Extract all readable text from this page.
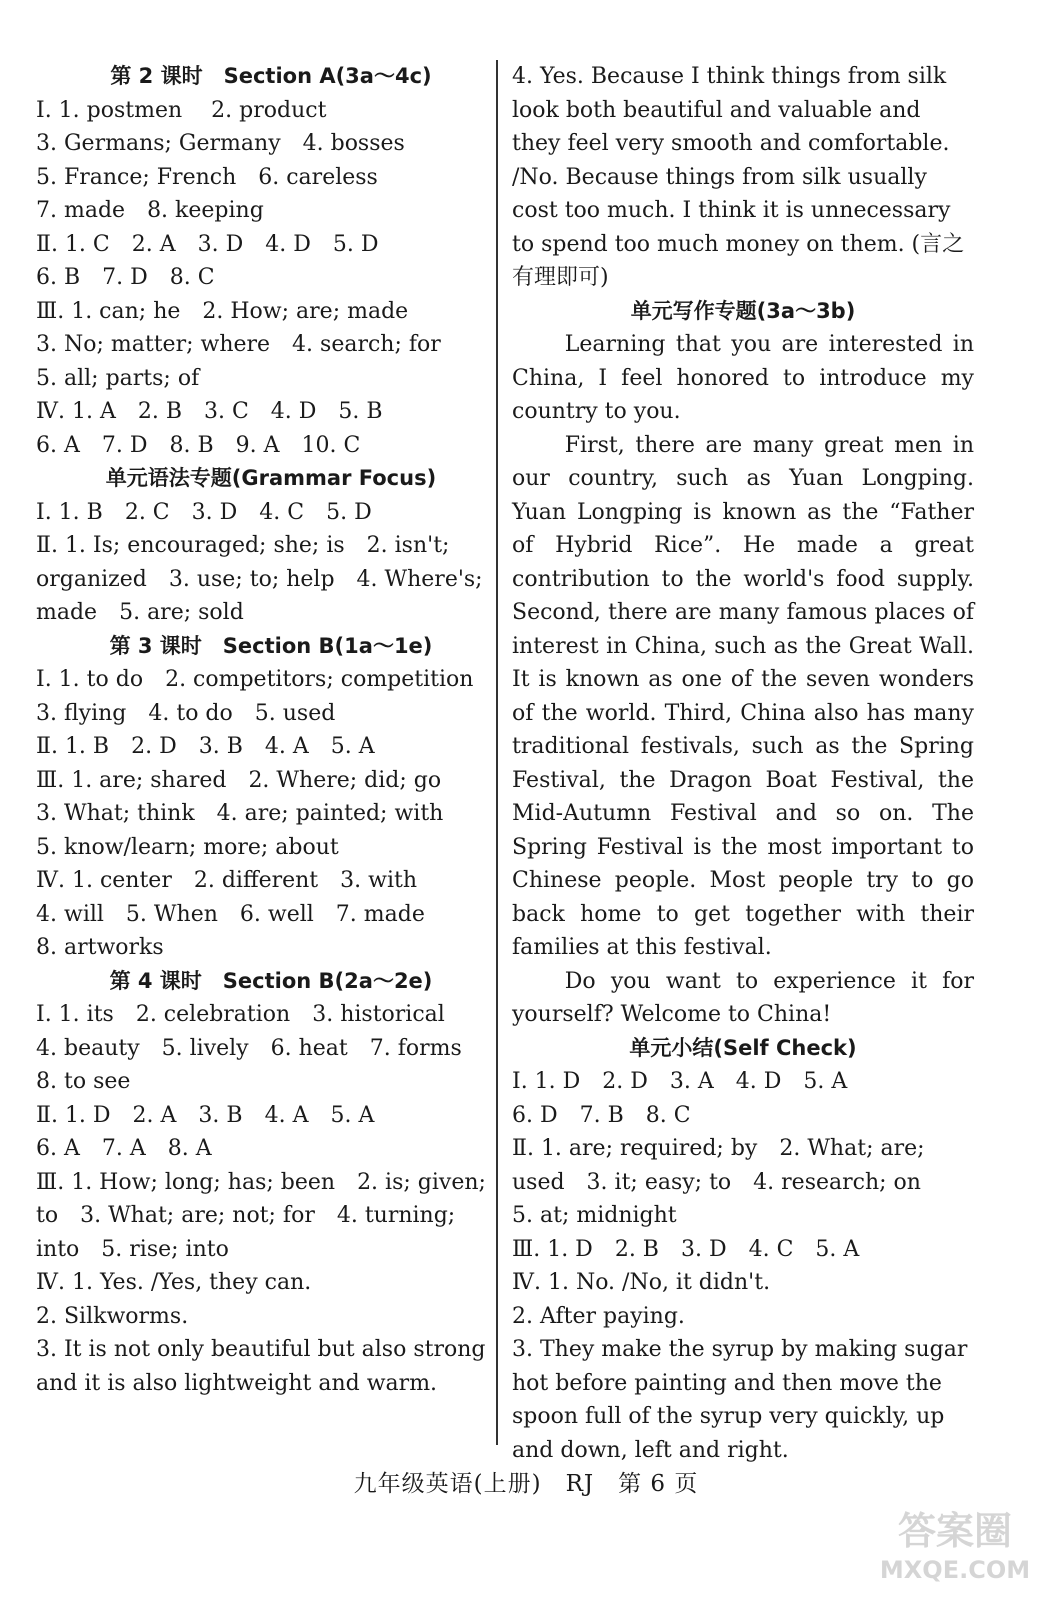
第 2 课时　Section A(3a～4c)

Ⅰ. 1. postmen　 2. product

3. Germans; Germany　4. bosses

5. France; French　6. careless

7. made　8. keeping

Ⅱ. 1. C　2. A　3. D　4. D　5. D

6. B　7. D　8. C

Ⅲ. 1. can; he　2. How; are; made

3. No; matter; where　4. search; for

5. all; parts; of

Ⅳ. 1. A　2. B　3. C　4. D　5. B

6. A　7. D　8. B　9. A　10. C

单元语法专题(Grammar Focus)

Ⅰ. 1. B　2. C　3. D　4. C　5. D

Ⅱ. 1. Is; encouraged; she; is　2. isn't;

organized　3. use; to; help　4. Where's;

made　5. are; sold

第 3 课时　Section B(1a～1e)

Ⅰ. 1. to do　2. competitors; competition

3. flying　4. to do　5. used

Ⅱ. 1. B　2. D　3. B　4. A　5. A

Ⅲ. 1. are; shared　2. Where; did; go

3. What; think　4. are; painted; with

5. know/learn; more; about

Ⅳ. 1. center　2. different　3. with

4. will　5. When　6. well　7. made

8. artworks

第 4 课时　Section B(2a～2e)

Ⅰ. 1. its　2. celebration　3. historical

4. beauty　5. lively　6. heat　7. forms

8. to see

Ⅱ. 1. D　2. A　3. B　4. A　5. A

6. A　7. A　8. A

Ⅲ. 1. How; long; has; been　2. is; given;

to　3. What; are; not; for　4. turning;

into　5. rise; into

Ⅳ. 1. Yes. /Yes, they can.

2. Silkworms.

3. It is not only beautiful but also strong

and it is also lightweight and warm.

4. Yes. Because I think things from silk look both beautiful and valuable and they feel very smooth and comfortable. /No. Because things from silk usually cost too much. I think it is unnecessary to spend too much money on them. (言之有理即可)

单元写作专题(3a～3b)

Learning that you are interested in China, I feel honored to introduce my country to you.

First, there are many great men in our country, such as Yuan Longping. Yuan Longping is known as the “Father of Hybrid Rice”. He made a great contribution to the world's food supply. Second, there are many famous places of interest in China, such as the Great Wall. It is known as one of the seven wonders of the world. Third, China also has many traditional festivals, such as the Spring Festival, the Dragon Boat Festival, the Mid-Autumn Festival and so on. The Spring Festival is the most important to Chinese people. Most people try to go back home to get together with their families at this festival.

Do you want to experience it for yourself? Welcome to China!

单元小结(Self Check)

Ⅰ. 1. D　2. D　3. A　4. D　5. A

6. D　7. B　8. C

Ⅱ. 1. are; required; by　2. What; are;

used　3. it; easy; to　4. research; on

5. at; midnight

Ⅲ. 1. D　2. B　3. D　4. C　5. A

Ⅳ. 1. No. /No, it didn't.

2. After paying.

3. They make the syrup by making sugar hot before painting and then move the spoon full of the syrup very quickly, up and down, left and right.

九年级英语(上册)　RJ　第 6 页
答案圈
MXQE.COM
